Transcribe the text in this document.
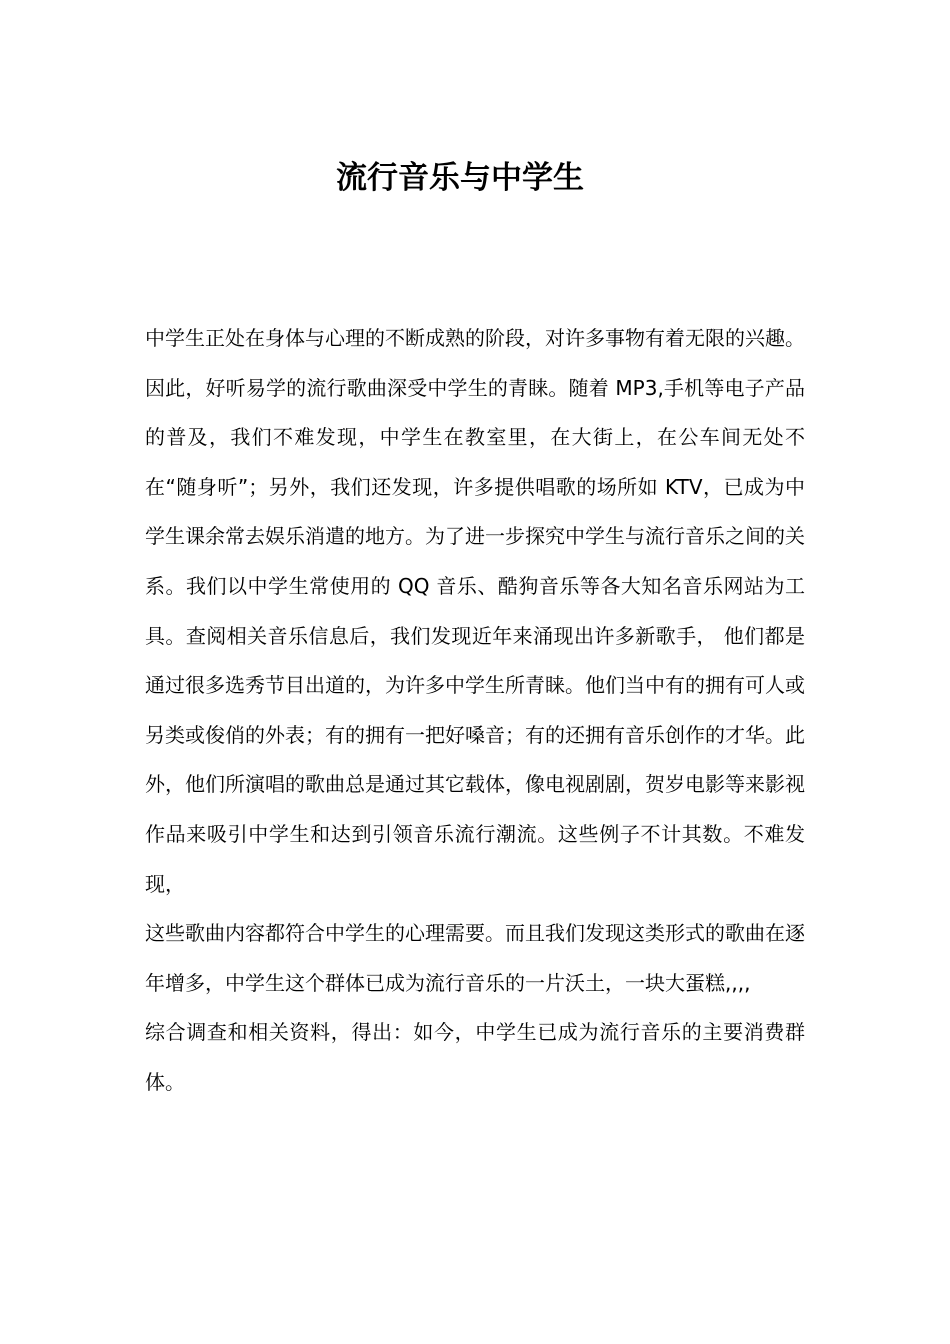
流行音乐与中学生

中学生正处在身体与心理的不断成熟的阶段，对许多事物有着无限的兴趣。因此，好听易学的流行歌曲深受中学生的青睐。随着 MP3,手机等电子产品的普及，我们不难发现，中学生在教室里，在大街上，在公车间无处不在“随身听”；另外，我们还发现，许多提供唱歌的场所如 KTV，已成为中学生课余常去娱乐消遣的地方。为了进一步探究中学生与流行音乐之间的关系。我们以中学生常使用的 QQ 音乐、酷狗音乐等各大知名音乐网站为工具。查阅相关音乐信息后，我们发现近年来涌现出许多新歌手， 他们都是通过很多选秀节目出道的，为许多中学生所青睐。他们当中有的拥有可人或另类或俊俏的外表；有的拥有一把好嗓音；有的还拥有音乐创作的才华。此外，他们所演唱的歌曲总是通过其它载体，像电视剧剧，贺岁电影等来影视作品来吸引中学生和达到引领音乐流行潮流。这些例子不计其数。不难发现，

这些歌曲内容都符合中学生的心理需要。而且我们发现这类形式的歌曲在逐年增多，中学生这个群体已成为流行音乐的一片沃土，一块大蛋糕,,,,

综合调查和相关资料，得出：如今，中学生已成为流行音乐的主要消费群体。
